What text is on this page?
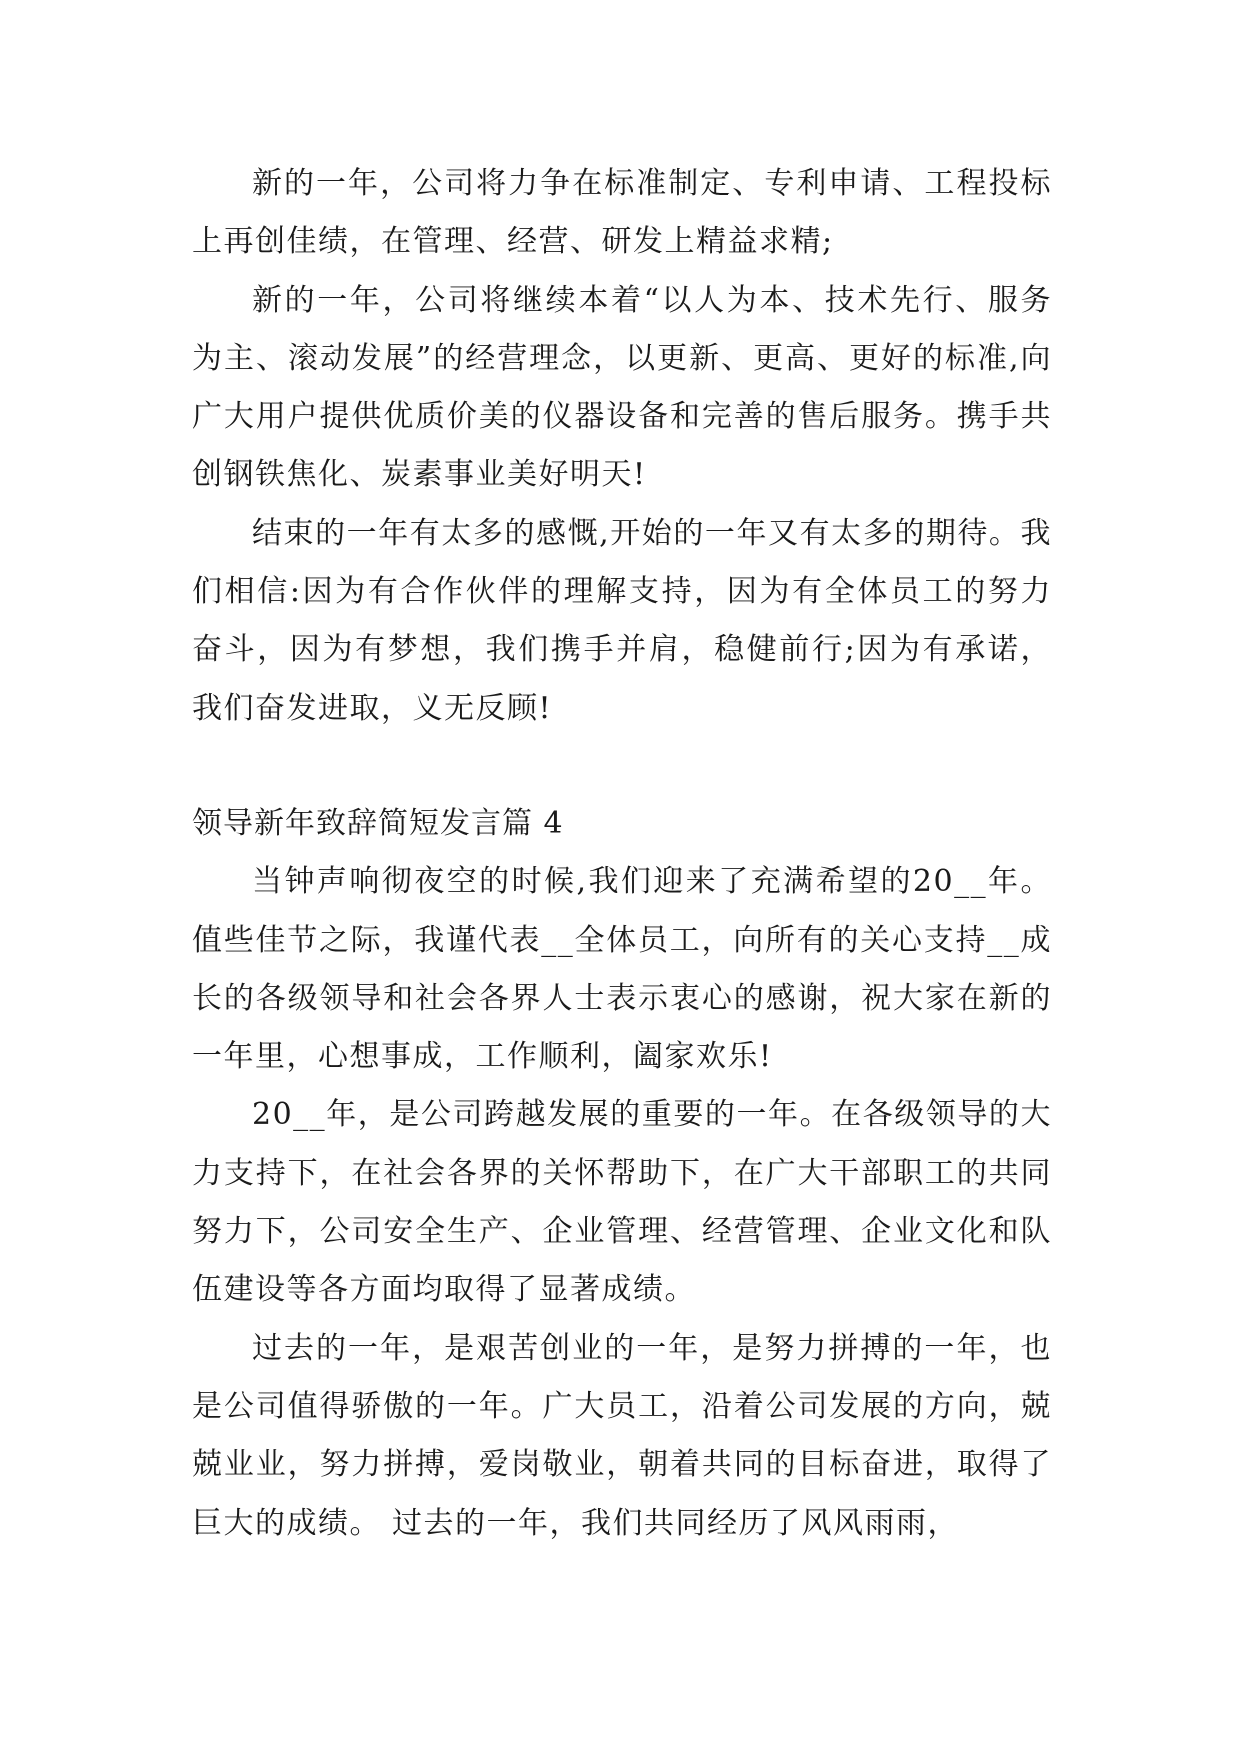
新的一年，公司将力争在标准制定、专利申请、工程投标上再创佳绩，在管理、经营、研发上精益求精;

新的一年，公司将继续本着“以人为本、技术先行、服务为主、滚动发展”的经营理念，以更新、更高、更好的标准,向广大用户提供优质价美的仪器设备和完善的售后服务。携手共创钢铁焦化、炭素事业美好明天!

结束的一年有太多的感慨,开始的一年又有太多的期待。我们相信:因为有合作伙伴的理解支持，因为有全体员工的努力奋斗，因为有梦想，我们携手并肩，稳健前行;因为有承诺，我们奋发进取，义无反顾!

领导新年致辞简短发言篇 4

当钟声响彻夜空的时候,我们迎来了充满希望的20__年。值些佳节之际，我谨代表__全体员工，向所有的关心支持__成长的各级领导和社会各界人士表示衷心的感谢，祝大家在新的一年里，心想事成，工作顺利，阖家欢乐!

20__年，是公司跨越发展的重要的一年。在各级领导的大力支持下，在社会各界的关怀帮助下，在广大干部职工的共同努力下，公司安全生产、企业管理、经营管理、企业文化和队伍建设等各方面均取得了显著成绩。

过去的一年，是艰苦创业的一年，是努力拼搏的一年，也是公司值得骄傲的一年。广大员工，沿着公司发展的方向，兢兢业业，努力拼搏，爱岗敬业，朝着共同的目标奋进，取得了巨大的成绩。 过去的一年，我们共同经历了风风雨雨，
